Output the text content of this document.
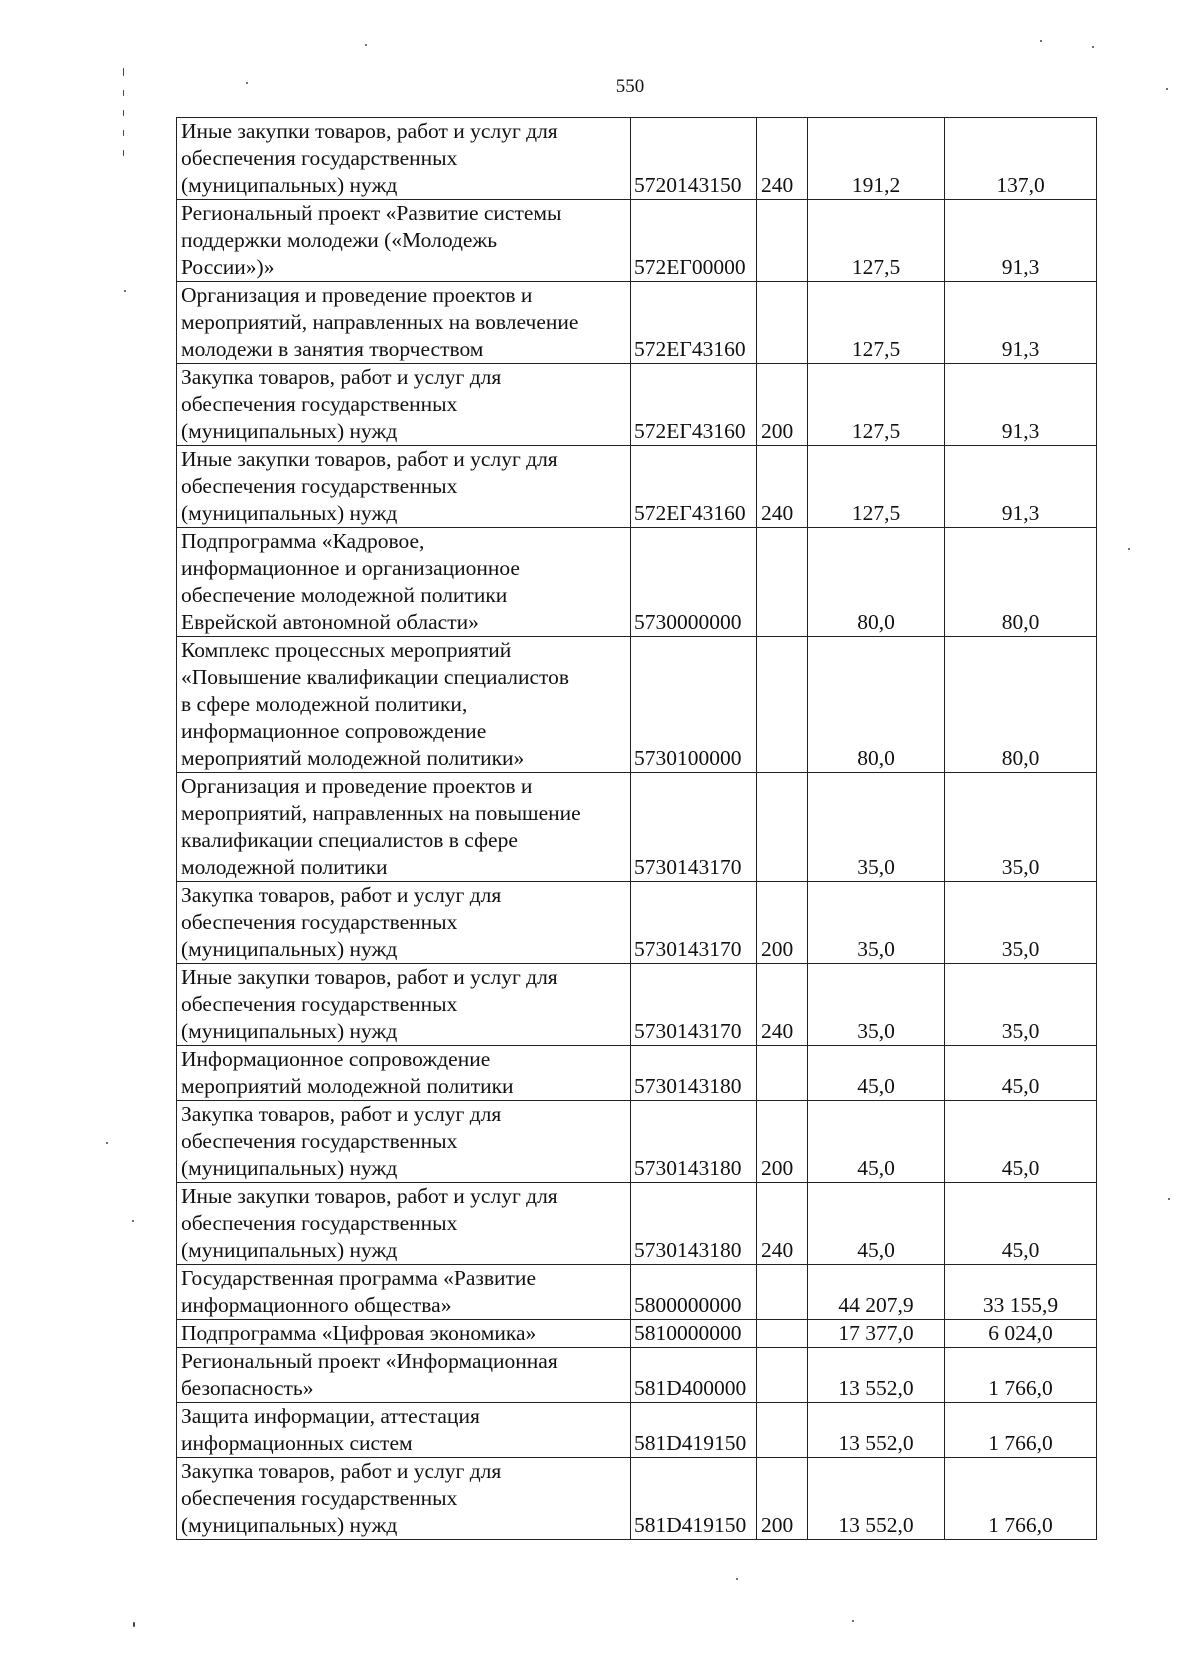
550
Иные закупки товаров, работ и услуг для
обеспечения государственных
(муниципальных) нужд	5720143150	240	191,2	137,0
Региональный проект «Развитие системы
поддержки молодежи («Молодежь
России»)»	572ЕГ00000		127,5	91,3
Организация и проведение проектов и
мероприятий, направленных на вовлечение
молодежи в занятия творчеством	572ЕГ43160		127,5	91,3
Закупка товаров, работ и услуг для
обеспечения государственных
(муниципальных) нужд	572ЕГ43160	200	127,5	91,3
Иные закупки товаров, работ и услуг для
обеспечения государственных
(муниципальных) нужд	572ЕГ43160	240	127,5	91,3
Подпрограмма «Кадровое,
информационное и организационное
обеспечение молодежной политики
Еврейской автономной области»	5730000000		80,0	80,0
Комплекс процессных мероприятий
«Повышение квалификации специалистов
в сфере молодежной политики,
информационное сопровождение
мероприятий молодежной политики»	5730100000		80,0	80,0
Организация и проведение проектов и
мероприятий, направленных на повышение
квалификации специалистов в сфере
молодежной политики	5730143170		35,0	35,0
Закупка товаров, работ и услуг для
обеспечения государственных
(муниципальных) нужд	5730143170	200	35,0	35,0
Иные закупки товаров, работ и услуг для
обеспечения государственных
(муниципальных) нужд	5730143170	240	35,0	35,0
Информационное сопровождение
мероприятий молодежной политики	5730143180		45,0	45,0
Закупка товаров, работ и услуг для
обеспечения государственных
(муниципальных) нужд	5730143180	200	45,0	45,0
Иные закупки товаров, работ и услуг для
обеспечения государственных
(муниципальных) нужд	5730143180	240	45,0	45,0
Государственная программа «Развитие
информационного общества»	5800000000		44 207,9	33 155,9
Подпрограмма «Цифровая экономика»	5810000000		17 377,0	6 024,0
Региональный проект «Информационная
безопасность»	581D400000		13 552,0	1 766,0
Защита информации, аттестация
информационных систем	581D419150		13 552,0	1 766,0
Закупка товаров, работ и услуг для
обеспечения государственных
(муниципальных) нужд	581D419150	200	13 552,0	1 766,0
